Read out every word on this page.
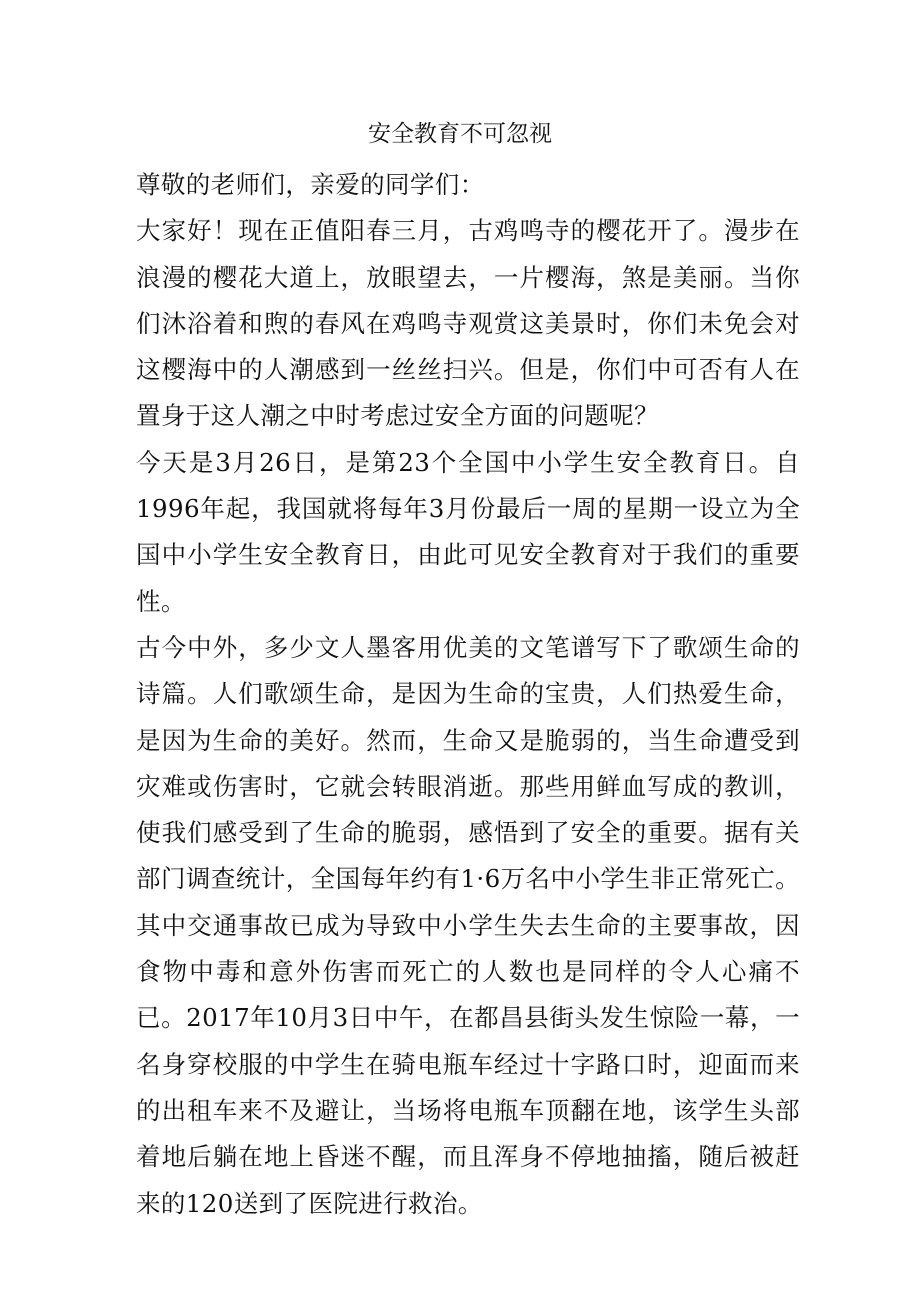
安全教育不可忽视

尊敬的老师们，亲爱的同学们：

大家好！现在正值阳春三月，古鸡鸣寺的樱花开了。漫步在浪漫的樱花大道上，放眼望去，一片樱海，煞是美丽。当你们沐浴着和煦的春风在鸡鸣寺观赏这美景时，你们未免会对这樱海中的人潮感到一丝丝扫兴。但是，你们中可否有人在置身于这人潮之中时考虑过安全方面的问题呢？

今天是3月26日，是第23个全国中小学生安全教育日。自1996年起，我国就将每年3月份最后一周的星期一设立为全国中小学生安全教育日，由此可见安全教育对于我们的重要性。

古今中外，多少文人墨客用优美的文笔谱写下了歌颂生命的诗篇。人们歌颂生命，是因为生命的宝贵，人们热爱生命，是因为生命的美好。然而，生命又是脆弱的，当生命遭受到灾难或伤害时，它就会转眼消逝。那些用鲜血写成的教训，使我们感受到了生命的脆弱，感悟到了安全的重要。据有关部门调查统计，全国每年约有1·6万名中小学生非正常死亡。其中交通事故已成为导致中小学生失去生命的主要事故，因食物中毒和意外伤害而死亡的人数也是同样的令人心痛不已。2017年10月3日中午，在都昌县街头发生惊险一幕，一名身穿校服的中学生在骑电瓶车经过十字路口时，迎面而来的出租车来不及避让，当场将电瓶车顶翻在地，该学生头部着地后躺在地上昏迷不醒，而且浑身不停地抽搐，随后被赶来的120送到了医院进行救治。
